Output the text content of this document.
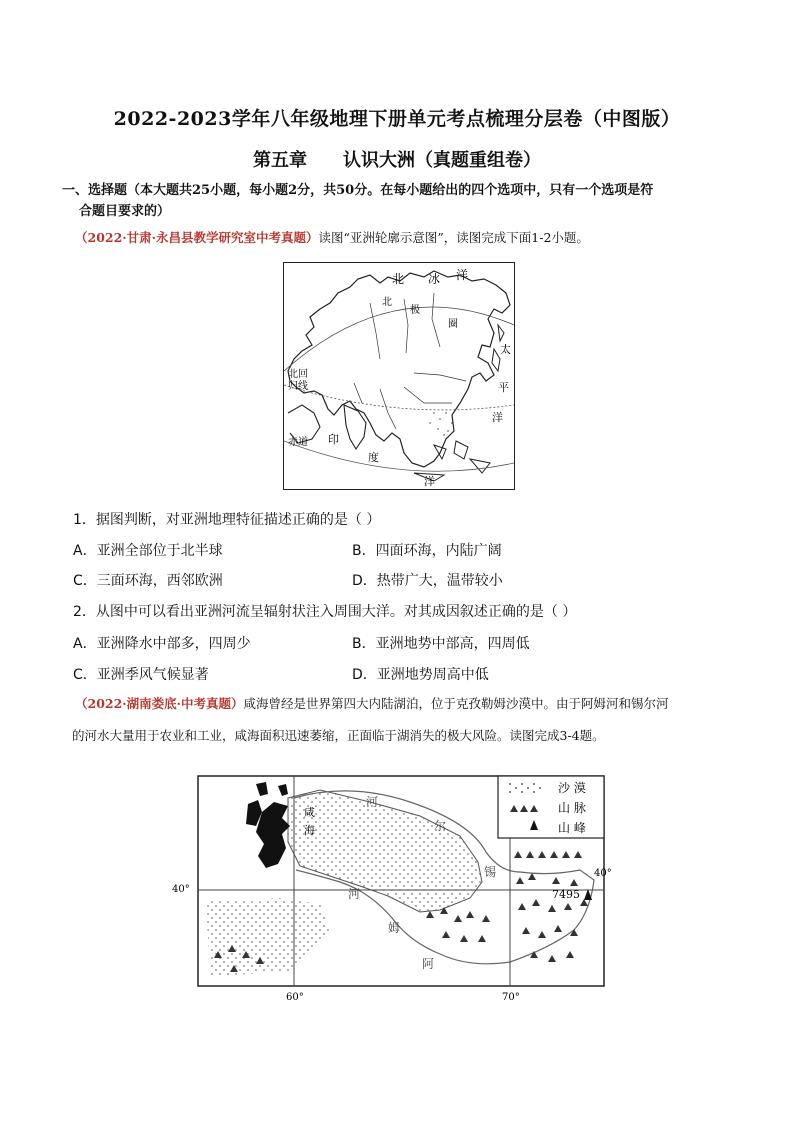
2022-2023学年八年级地理下册单元考点梳理分层卷（中图版）
第五章 认识大洲（真题重组卷）
一、选择题（本大题共25小题，每小题2分，共50分。在每小题给出的四个选项中，只有一个选项是符
合题目要求的）
（2022·甘肃·永昌县教学研究室中考真题）读图“亚洲轮廓示意图”，读图完成下面1-2小题。
北 冰 洋
北
极
圈
太
平
洋
北回
归线
赤道 印
度
洋
1．据图判断，对亚洲地理特征描述正确的是（ ）
A．亚洲全部位于北半球	B．四面环海，内陆广阔
C．三面环海，西邻欧洲	D．热带广大，温带较小
2．从图中可以看出亚洲河流呈辐射状注入周围大洋。对其成因叙述正确的是（ ）
A．亚洲降水中部多，四周少	B．亚洲地势中部高，四周低
C．亚洲季风气候显著	D．亚洲地势周高中低
（2022·湖南娄底·中考真题）咸海曾经是世界第四大内陆湖泊，位于克孜勒姆沙漠中。由于阿姆河和锡尔河
的河水大量用于农业和工业，咸海面积迅速萎缩，正面临于湖消失的极大风险。读图完成3-4题。
沙 漠
山 脉
山 峰
咸
海
河
尔
锡
河
姆
阿
7495
40°
40°
60°	70°
